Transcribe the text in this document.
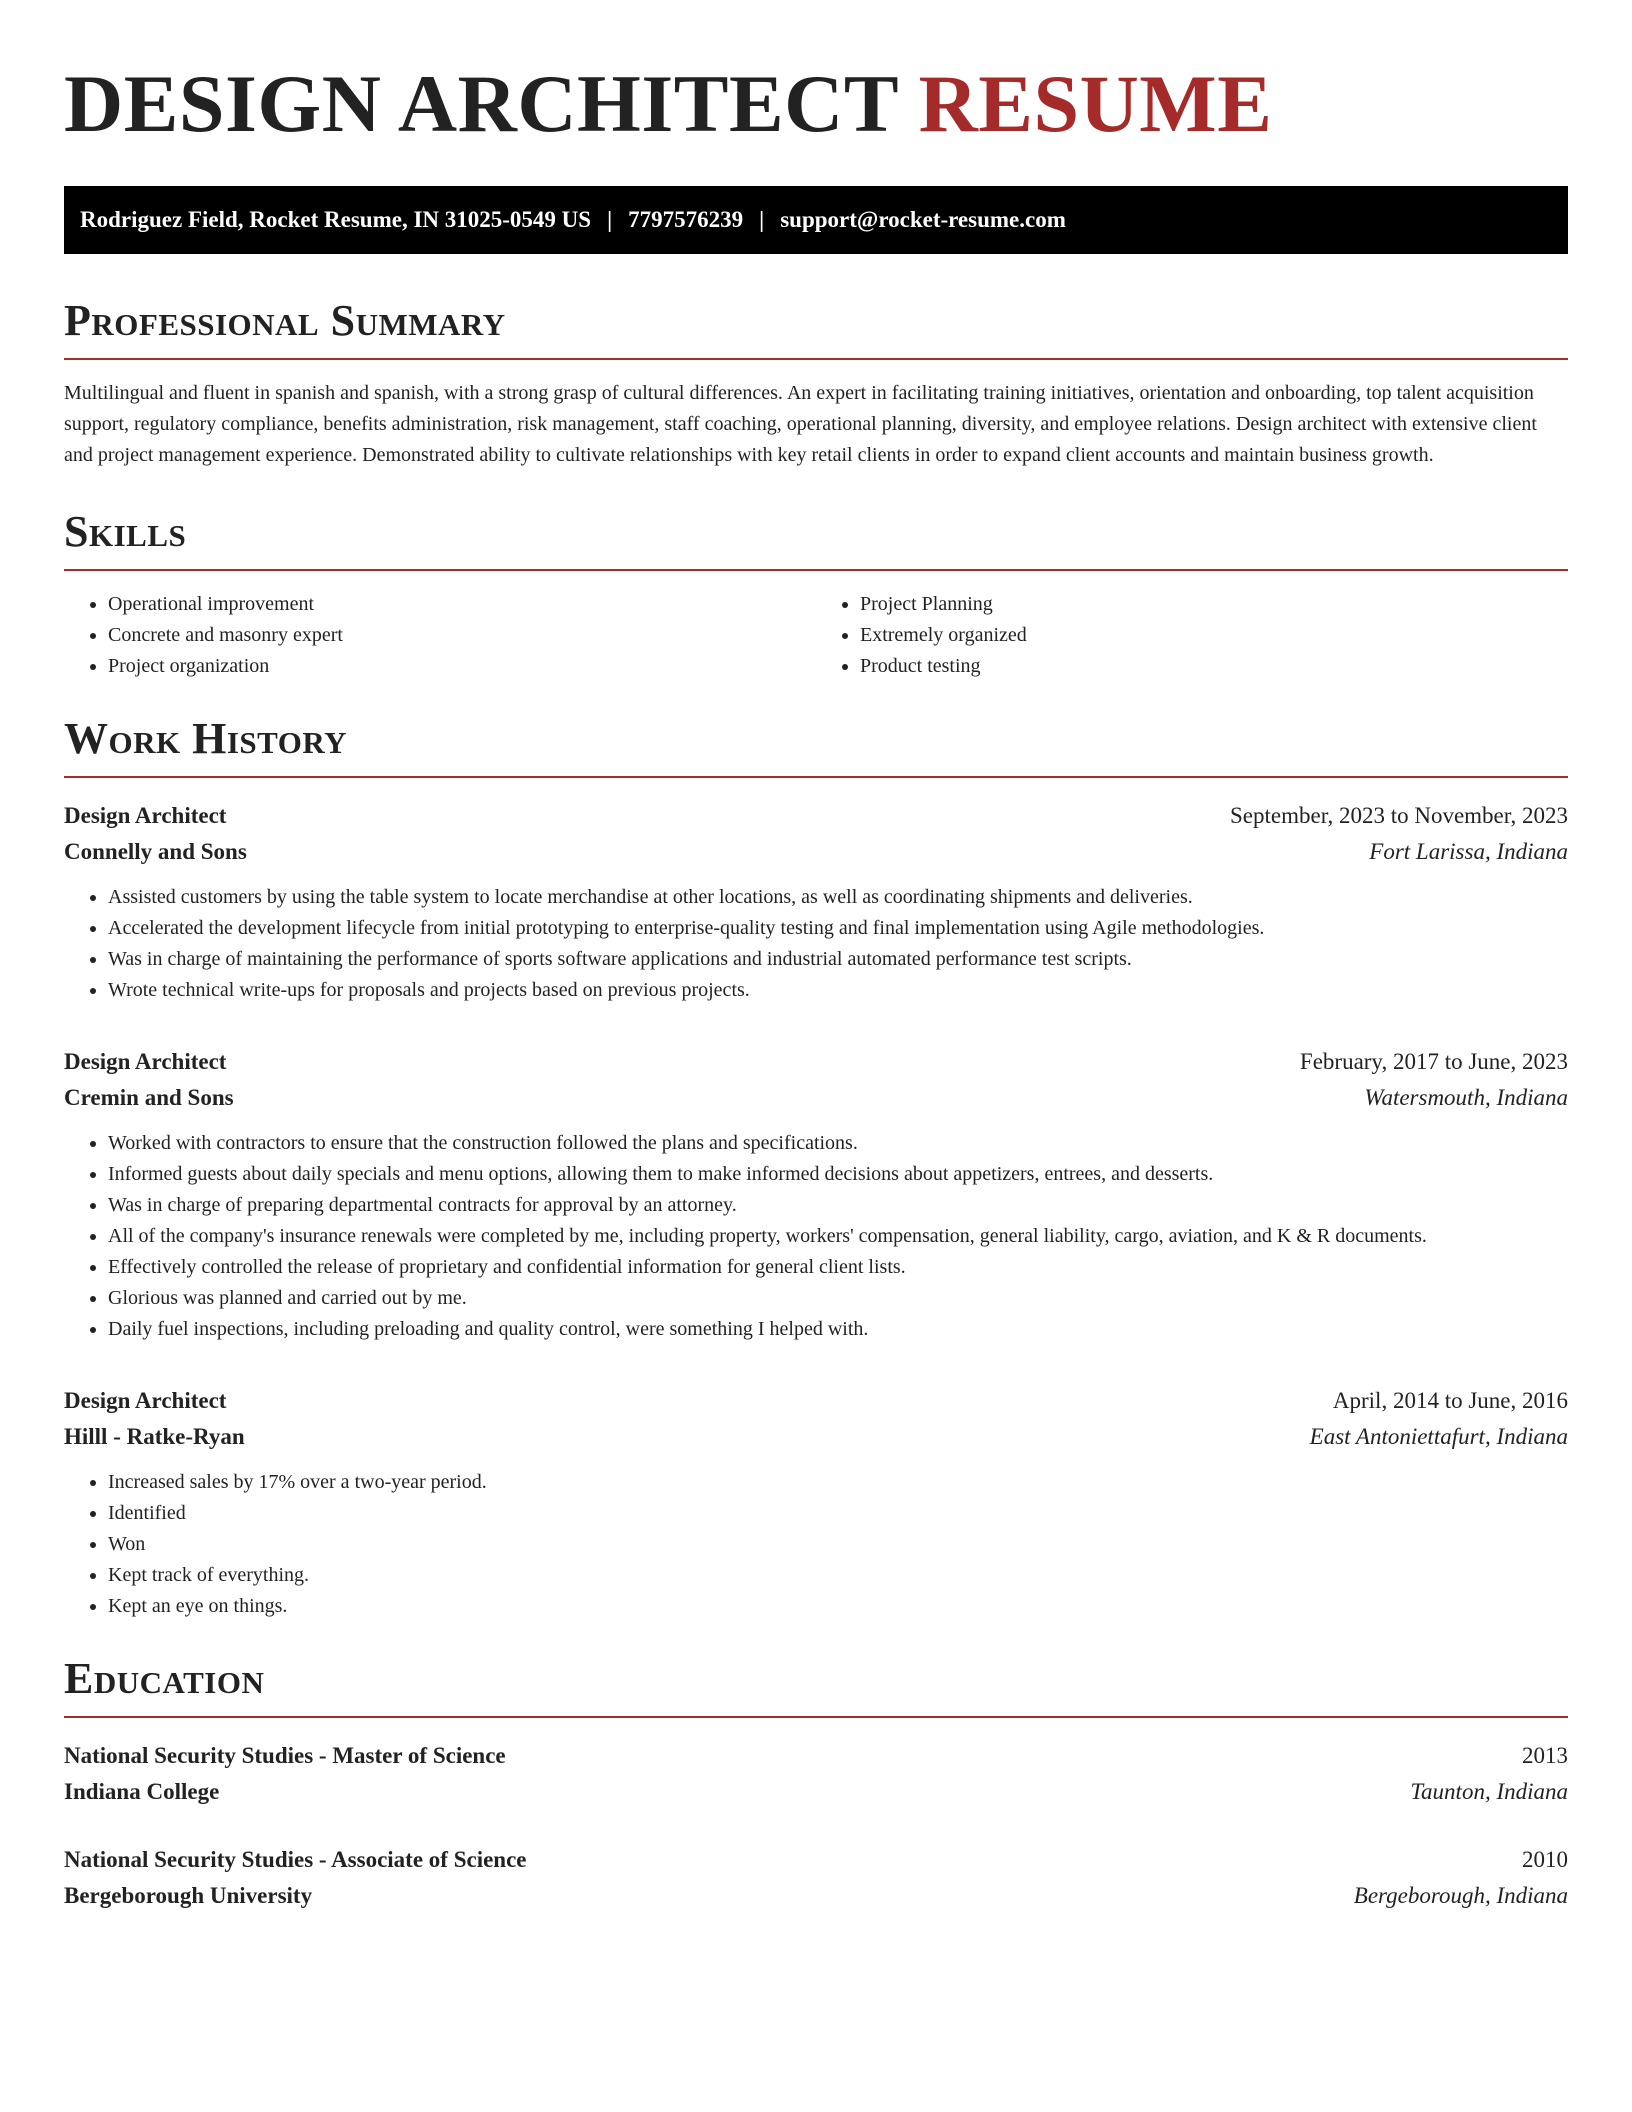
DESIGN ARCHITECT RESUME
Rodriguez Field, Rocket Resume, IN 31025-0549 US | 7797576239 | support@rocket-resume.com
Professional Summary

Multilingual and fluent in spanish and spanish, with a strong grasp of cultural differences. An expert in facilitating training initiatives, orientation and onboarding, top talent acquisition support, regulatory compliance, benefits administration, risk management, staff coaching, operational planning, diversity, and employee relations. Design architect with extensive client and project management experience. Demonstrated ability to cultivate relationships with key retail clients in order to expand client accounts and maintain business growth.

Skills
• Operational improvement
• Concrete and masonry expert
• Project organization
• Project Planning
• Extremely organized
• Product testing
Work History
Design Architect	September, 2023 to November, 2023
Connelly and Sons	Fort Larissa, Indiana
• Assisted customers by using the table system to locate merchandise at other locations, as well as coordinating shipments and deliveries.
• Accelerated the development lifecycle from initial prototyping to enterprise-quality testing and final implementation using Agile methodologies.
• Was in charge of maintaining the performance of sports software applications and industrial automated performance test scripts.
• Wrote technical write-ups for proposals and projects based on previous projects.
Design Architect	February, 2017 to June, 2023
Cremin and Sons	Watersmouth, Indiana
• Worked with contractors to ensure that the construction followed the plans and specifications.
• Informed guests about daily specials and menu options, allowing them to make informed decisions about appetizers, entrees, and desserts.
• Was in charge of preparing departmental contracts for approval by an attorney.
• All of the company's insurance renewals were completed by me, including property, workers' compensation, general liability, cargo, aviation, and K & R documents.
• Effectively controlled the release of proprietary and confidential information for general client lists.
• Glorious was planned and carried out by me.
• Daily fuel inspections, including preloading and quality control, were something I helped with.
Design Architect	April, 2014 to June, 2016
Hilll - Ratke-Ryan	East Antoniettafurt, Indiana
• Increased sales by 17% over a two-year period.
• Identified
• Won
• Kept track of everything.
• Kept an eye on things.
Education
National Security Studies - Master of Science	2013
Indiana College	Taunton, Indiana
National Security Studies - Associate of Science	2010
Bergeborough University	Bergeborough, Indiana
